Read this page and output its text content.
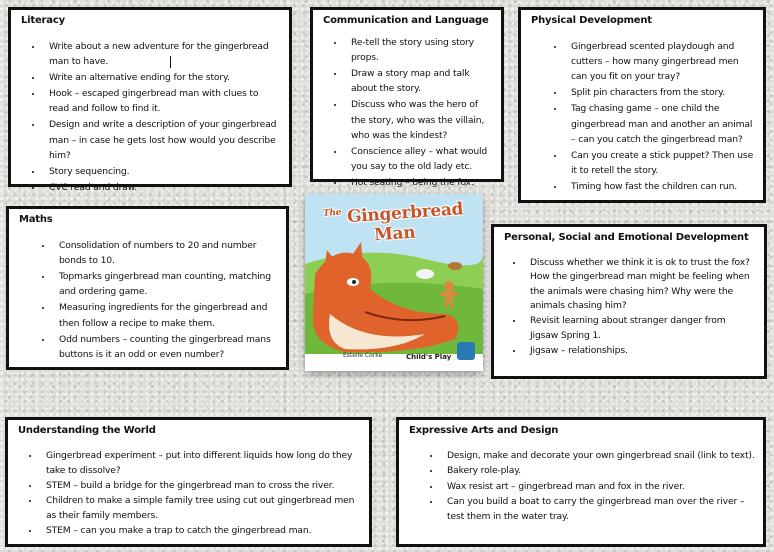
Literacy
• Write about a new adventure for the gingerbread man to have.
• Write an alternative ending for the story.
• Hook – escaped gingerbread man with clues to read and follow to find it.
• Design and write a description of your gingerbread man – in case he gets lost how would you describe him?
• Story sequencing.
• CVC read and draw.
Communication and Language
• Re-tell the story using story props.
• Draw a story map and talk about the story.
• Discuss who was the hero of the story, who was the villain, who was the kindest?
• Conscience alley – what would you say to the old lady etc.
• Hot seating – being the fox.
Physical Development
• Gingerbread scented playdough and cutters – how many gingerbread men can you fit on your tray?
• Split pin characters from the story.
• Tag chasing game – one child the gingerbread man and another an animal – can you catch the gingerbread man?
• Can you create a stick puppet? Then use it to retell the story.
• Timing how fast the children can run.
Maths
• Consolidation of numbers to 20 and number bonds to 10.
• Topmarks gingerbread man counting, matching and ordering game.
• Measuring ingredients for the gingerbread and then follow a recipe to make them.
• Odd numbers – counting the gingerbread mans buttons is it an odd or even number?
$^{The}$ Gingerbread Man
Estelle Corke	Child's Play
Personal, Social and Emotional Development
• Discuss whether we think it is ok to trust the fox? How the gingerbread man might be feeling when the animals were chasing him? Why were the animals chasing him?
• Revisit learning about stranger danger from Jigsaw Spring 1.
• Jigsaw – relationships.
Understanding the World
• Gingerbread experiment – put into different liquids how long do they take to dissolve?
• STEM – build a bridge for the gingerbread man to cross the river.
• Children to make a simple family tree using cut out gingerbread men as their family members.
• STEM – can you make a trap to catch the gingerbread man.
Expressive Arts and Design
• Design, make and decorate your own gingerbread snail (link to text).
• Bakery role-play.
• Wax resist art – gingerbread man and fox in the river.
• Can you build a boat to carry the gingerbread man over the river – test them in the water tray.
